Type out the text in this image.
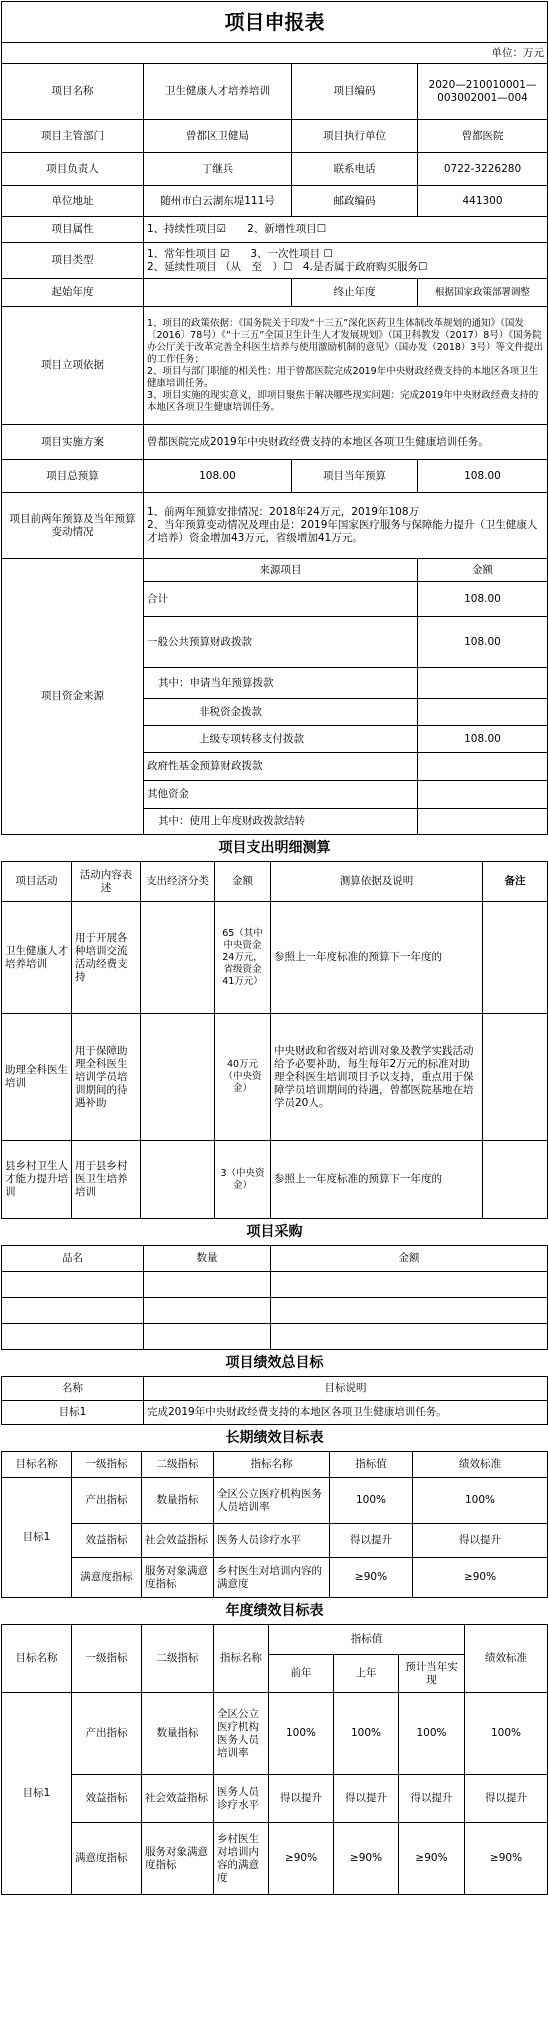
项目申报表			
单位：万元			
项目名称	卫生健康人才培养培训	项目编码	2020—210010001—003002001—004
项目主管部门	曾都区卫健局	项目执行单位	曾都医院
项目负责人	丁继兵	联系电话	0722-3226280
单位地址	随州市白云湖东堤111号	邮政编码	441300
项目属性	1、持续性项目☑　　2、新增性项目☐		
项目类型	1、常年性项目 ☑　　3、一次性项目 ☐
2、延续性项目 （从　至　）☐　4.是否属于政府购买服务☐		
起始年度		终止年度	根据国家政策部署调整
项目立项依据	1、项目的政策依据：《国务院关于印发“十三五”深化医药卫生体制改革规划的通知》（国发〔2016〕78号）《“十三五”全国卫生计生人才发展规划》（国卫科教发（2017）8号）《国务院办公厅关于改革完善全科医生培养与使用激励机制的意见》（国办发（2018）3号）等文件提出的工作任务；
2、项目与部门职能的相关性：用于曾都医院完成2019年中央财政经费支持的本地区各项卫生健康培训任务。
3、项目实施的现实意义，即项目聚焦于解决哪些现实问题：完成2019年中央财政经费支持的本地区各项卫生健康培训任务。		
项目实施方案	曾都医院完成2019年中央财政经费支持的本地区各项卫生健康培训任务。		
项目总预算	108.00	项目当年预算	108.00
项目前两年预算及当年预算变动情况	1、前两年预算安排情况：2018年24万元，2019年108万
2、当年预算变动情况及理由是：2019年国家医疗服务与保障能力提升（卫生健康人才培养）资金增加43万元，省级增加41万元。		
项目资金来源	来源项目	金额
	合计	108.00
	一般公共预算财政拨款	108.00
	其中：申请当年预算拨款	
	非税资金拨款	
	上级专项转移支付拨款	108.00
	政府性基金预算财政拨款	
	其他资金	
	其中：使用上年度财政拨款结转	
项目支出明细测算					
项目活动	活动内容表述	支出经济分类	金额	测算依据及说明	备注
卫生健康人才培养培训	用于开展各种培训交流活动经费支持		65（其中中央资金24万元，省级资金41万元）	参照上一年度标准的预算下一年度的	
助理全科医生培训	用于保障助理全科医生培训学员培训期间的待遇补助		40万元（中央资金）	中央财政和省级对培训对象及教学实践活动给予必要补助，每生每年2万元的标准对助理全科医生培训项目予以支持，重点用于保障学员培训期间的待遇，曾都医院基地在培学员20人。	
县乡村卫生人才能力提升培训	用于县乡村医卫生培养培训		3（中央资金）	参照上一年度标准的预算下一年度的	
项目采购		
品名	数量	金额

项目绩效总目标	
名称	目标说明
目标1	完成2019年中央财政经费支持的本地区各项卫生健康培训任务。
长期绩效目标表					
目标名称	一级指标	二级指标	指标名称	指标值	绩效标准
目标1	产出指标	数量指标	全区公立医疗机构医务人员培训率	100%	100%
	效益指标	社会效益指标	医务人员诊疗水平	得以提升	得以提升
	满意度指标	服务对象满意度指标	乡村医生对培训内容的满意度	≥90%	≥90%
年度绩效目标表							
目标名称	一级指标	二级指标	指标名称	指标值			绩效标准
				前年	上年	预计当年实现	
目标1	产出指标	数量指标	全区公立医疗机构医务人员培训率	100%	100%	100%	100%
	效益指标	社会效益指标	医务人员诊疗水平	得以提升	得以提升	得以提升	得以提升
	满意度指标	服务对象满意度指标	乡村医生对培训内容的满意度	≥90%	≥90%	≥90%	≥90%
